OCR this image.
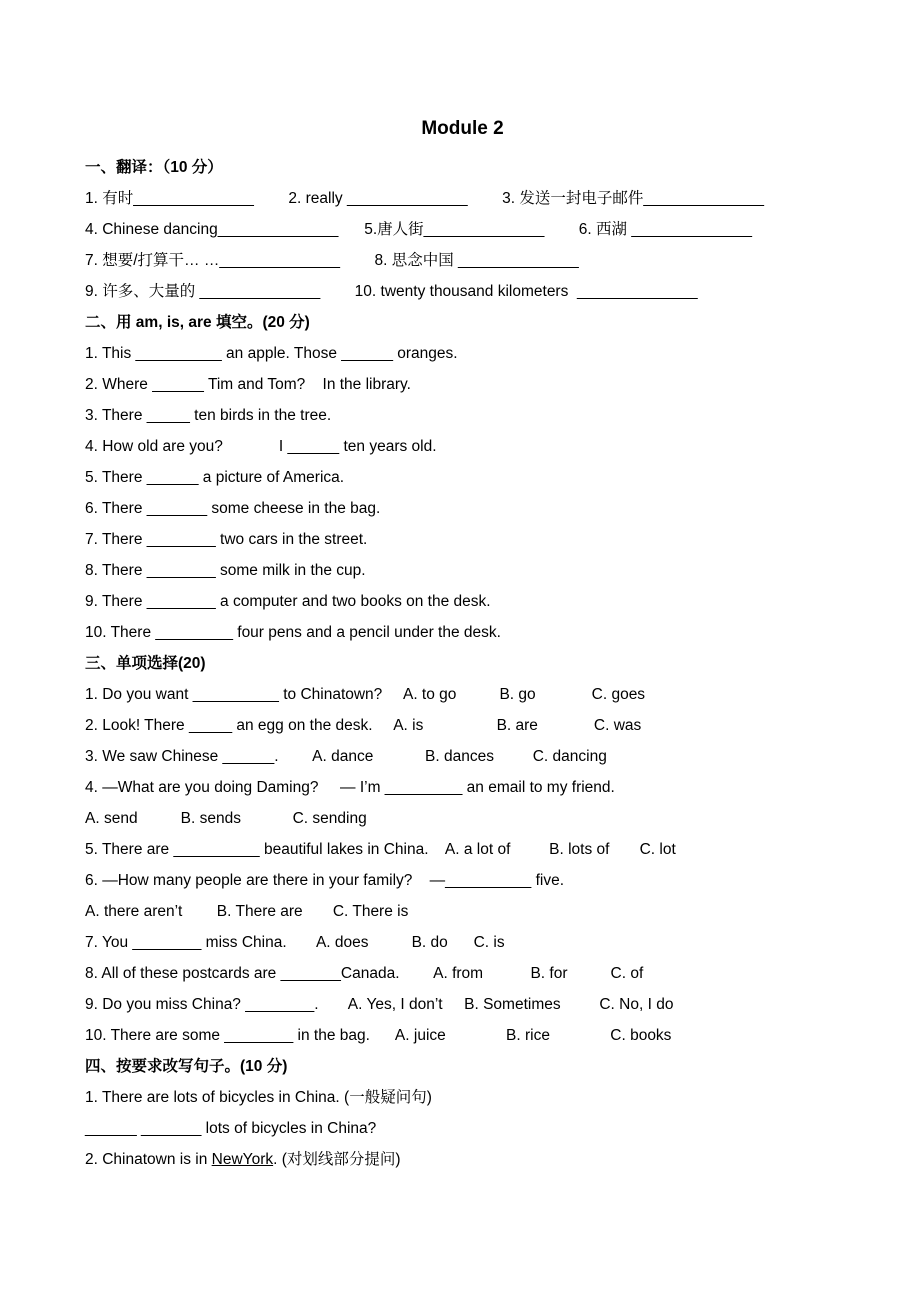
Module 2
一、翻译：（10 分）
1. 有时______________        2. really ______________        3. 发送一封电子邮件______________
4. Chinese dancing______________      5.唐人街______________        6. 西湖 ______________
7. 想要/打算干… …______________        8. 思念中国 ______________
9. 许多、大量的 ______________        10. twenty thousand kilometers  ______________
二、用 am, is, are 填空。(20 分)
1. This __________ an apple. Those ______ oranges.
2. Where ______ Tim and Tom?    In the library.
3. There _____ ten birds in the tree.
4. How old are you?             I ______ ten years old.
5. There ______ a picture of America.
6. There _______ some cheese in the bag.
7. There ________ two cars in the street.
8. There ________ some milk in the cup.
9. There ________ a computer and two books on the desk.
10. There _________ four pens and a pencil under the desk.
三、单项选择(20)
1. Do you want __________ to Chinatown?     A. to go          B. go             C. goes
2. Look! There _____ an egg on the desk.     A. is                 B. are             C. was
3. We saw Chinese ______.        A. dance            B. dances         C. dancing
4. —What are you doing Daming?     — I’m _________ an email to my friend.
A. send          B. sends            C. sending
5. There are __________ beautiful lakes in China.    A. a lot of         B. lots of       C. lot
6. —How many people are there in your family?    —__________ five.
A. there aren’t        B. There are       C. There is
7. You ________ miss China.       A. does          B. do      C. is
8. All of these postcards are _______Canada.        A. from           B. for          C. of
9. Do you miss China? ________.       A. Yes, I don’t     B. Sometimes         C. No, I do
10. There are some ________ in the bag.      A. juice              B. rice              C. books
四、按要求改写句子。(10 分)
1. There are lots of bicycles in China. (一般疑问句)
______ _______ lots of bicycles in China?
2. Chinatown is in NewYork. (对划线部分提问)
